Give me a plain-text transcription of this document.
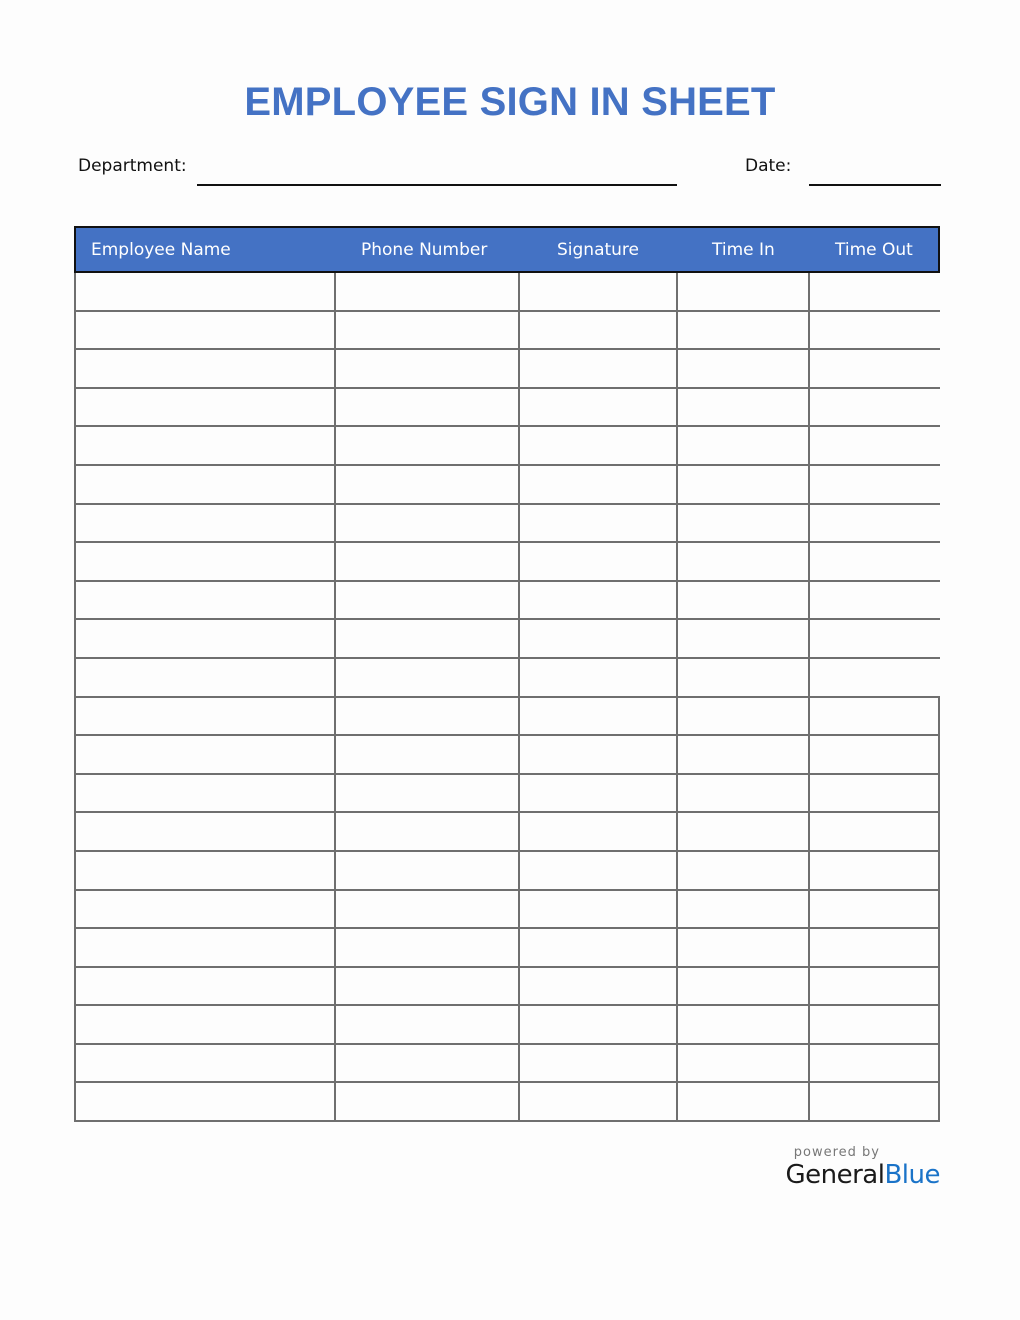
EMPLOYEE SIGN IN SHEET
Department:	Date:
Employee Name	Phone Number	Signature	Time In	Time Out
powered by
GeneralBlue
